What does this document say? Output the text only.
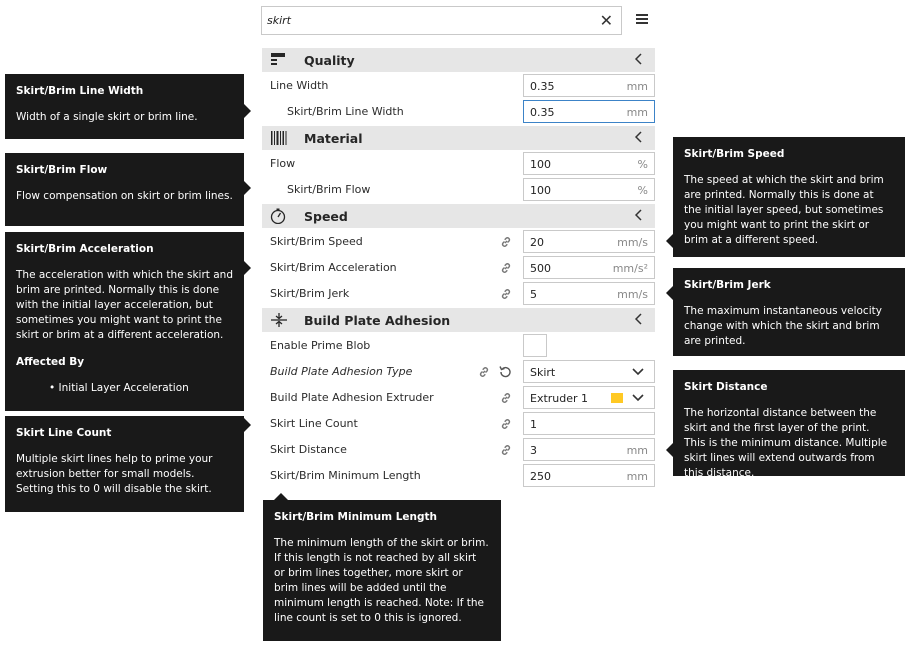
skirt	✕
Quality
Line Width	0.35	mm
Skirt/Brim Line Width	0.35	mm
Material
Flow	100	%
Skirt/Brim Flow	100	%
Speed
Skirt/Brim Speed	20	mm/s
Skirt/Brim Acceleration	500	mm/s²
Skirt/Brim Jerk	5	mm/s
Build Plate Adhesion
Enable Prime Blob
Build Plate Adhesion Type	Skirt
Build Plate Adhesion Extruder	Extruder 1
Skirt Line Count	1
Skirt Distance	3	mm
Skirt/Brim Minimum Length	250	mm
Skirt/Brim Line Width
Width of a single skirt or brim line.
Skirt/Brim Flow
Flow compensation on skirt or brim lines.
Skirt/Brim Acceleration
The acceleration with which the skirt and brim are printed. Normally this is done with the initial layer acceleration, but sometimes you might want to print the skirt or brim at a different acceleration.
Affected By
• Initial Layer Acceleration
Skirt Line Count
Multiple skirt lines help to prime your extrusion better for small models. Setting this to 0 will disable the skirt.
Skirt/Brim Speed
The speed at which the skirt and brim are printed. Normally this is done at the initial layer speed, but sometimes you might want to print the skirt or brim at a different speed.
Skirt/Brim Jerk
The maximum instantaneous velocity change with which the skirt and brim are printed.
Skirt Distance
The horizontal distance between the skirt and the first layer of the print. This is the minimum distance. Multiple skirt lines will extend outwards from this distance.
Skirt/Brim Minimum Length
The minimum length of the skirt or brim. If this length is not reached by all skirt or brim lines together, more skirt or brim lines will be added until the minimum length is reached. Note: If the line count is set to 0 this is ignored.
